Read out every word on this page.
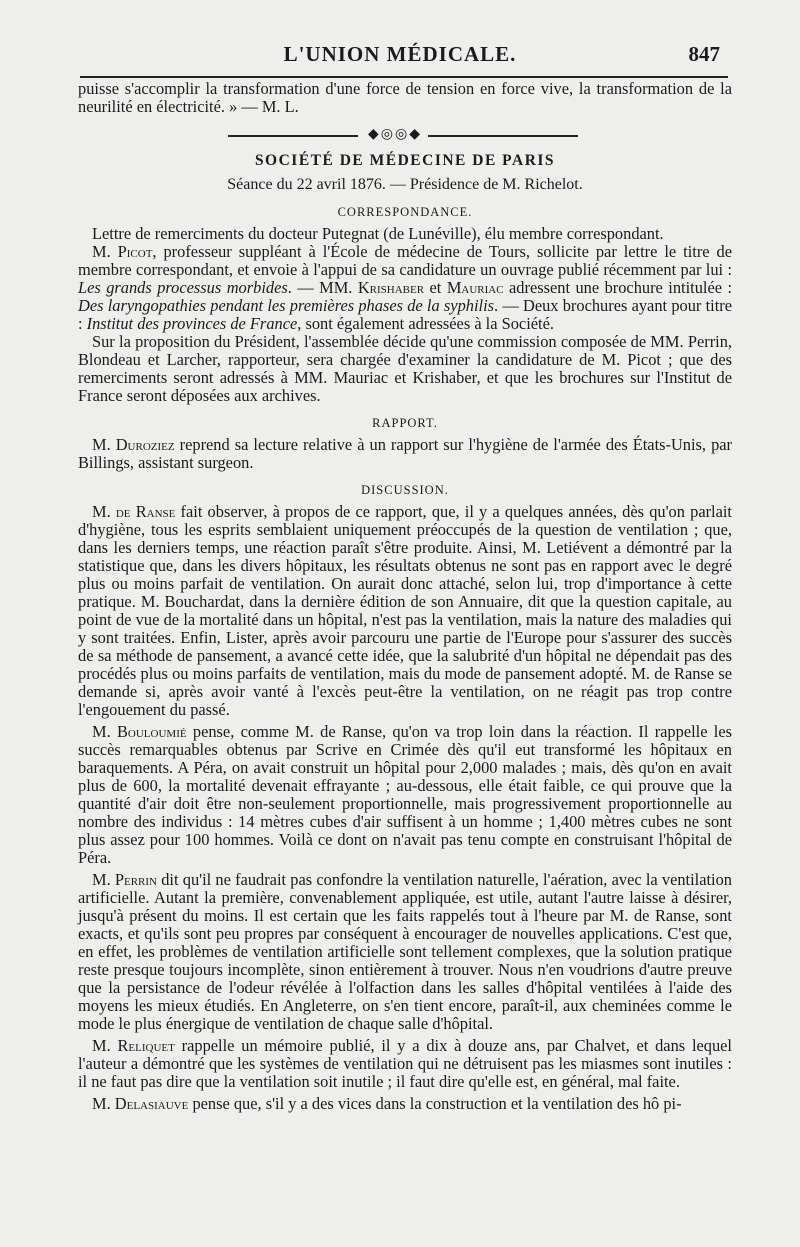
L'UNION MÉDICALE.	847

puisse s'accomplir la transformation d'une force de tension en force vive, la transformation de la neurilité en électricité. » — M. L.

◆◎◎◆
SOCIÉTÉ DE MÉDECINE DE PARIS
Séance du 22 avril 1876. — Présidence de M. Richelot.
CORRESPONDANCE.

Lettre de remerciments du docteur Putegnat (de Lunéville), élu membre correspondant.

M. Picot, professeur suppléant à l'École de médecine de Tours, sollicite par lettre le titre de membre correspondant, et envoie à l'appui de sa candidature un ouvrage publié récemment par lui : Les grands processus morbides. — MM. Krishaber et Mauriac adressent une brochure intitulée : Des laryngopathies pendant les premières phases de la syphilis. — Deux brochures ayant pour titre : Institut des provinces de France, sont également adressées à la Société.

Sur la proposition du Président, l'assemblée décide qu'une commission composée de MM. Perrin, Blondeau et Larcher, rapporteur, sera chargée d'examiner la candidature de M. Picot ; que des remerciments seront adressés à MM. Mauriac et Krishaber, et que les brochures sur l'Institut de France seront déposées aux archives.

RAPPORT.

M. Duroziez reprend sa lecture relative à un rapport sur l'hygiène de l'armée des États-Unis, par Billings, assistant surgeon.

DISCUSSION.

M. de Ranse fait observer, à propos de ce rapport, que, il y a quelques années, dès qu'on parlait d'hygiène, tous les esprits semblaient uniquement préoccupés de la question de ventilation ; que, dans les derniers temps, une réaction paraît s'être produite. Ainsi, M. Letiévent a démontré par la statistique que, dans les divers hôpitaux, les résultats obtenus ne sont pas en rapport avec le degré plus ou moins parfait de ventilation. On aurait donc attaché, selon lui, trop d'importance à cette pratique. M. Bouchardat, dans la dernière édition de son Annuaire, dit que la question capitale, au point de vue de la mortalité dans un hôpital, n'est pas la ventilation, mais la nature des maladies qui y sont traitées. Enfin, Lister, après avoir parcouru une partie de l'Europe pour s'assurer des succès de sa méthode de pansement, a avancé cette idée, que la salubrité d'un hôpital ne dépendait pas des procédés plus ou moins parfaits de ventilation, mais du mode de pansement adopté. M. de Ranse se demande si, après avoir vanté à l'excès peut-être la ventilation, on ne réagit pas trop contre l'engouement du passé.

M. Bouloumié pense, comme M. de Ranse, qu'on va trop loin dans la réaction. Il rappelle les succès remarquables obtenus par Scrive en Crimée dès qu'il eut transformé les hôpitaux en baraquements. A Péra, on avait construit un hôpital pour 2,000 malades ; mais, dès qu'on en avait plus de 600, la mortalité devenait effrayante ; au-dessous, elle était faible, ce qui prouve que la quantité d'air doit être non-seulement proportionnelle, mais progressivement proportionnelle au nombre des individus : 14 mètres cubes d'air suffisent à un homme ; 1,400 mètres cubes ne sont plus assez pour 100 hommes. Voilà ce dont on n'avait pas tenu compte en construisant l'hôpital de Péra.

M. Perrin dit qu'il ne faudrait pas confondre la ventilation naturelle, l'aération, avec la ventilation artificielle. Autant la première, convenablement appliquée, est utile, autant l'autre laisse à désirer, jusqu'à présent du moins. Il est certain que les faits rappelés tout à l'heure par M. de Ranse, sont exacts, et qu'ils sont peu propres par conséquent à encourager de nouvelles applications. C'est que, en effet, les problèmes de ventilation artificielle sont tellement complexes, que la solution pratique reste presque toujours incomplète, sinon entièrement à trouver. Nous n'en voudrions d'autre preuve que la persistance de l'odeur révélée à l'olfaction dans les salles d'hôpital ventilées à l'aide des moyens les mieux étudiés. En Angleterre, on s'en tient encore, paraît-il, aux cheminées comme le mode le plus énergique de ventilation de chaque salle d'hôpital.

M. Reliquet rappelle un mémoire publié, il y a dix à douze ans, par Chalvet, et dans lequel l'auteur a démontré que les systèmes de ventilation qui ne détruisent pas les miasmes sont inutiles : il ne faut pas dire que la ventilation soit inutile ; il faut dire qu'elle est, en général, mal faite.

M. Delasiauve pense que, s'il y a des vices dans la construction et la ventilation des hô pi-
